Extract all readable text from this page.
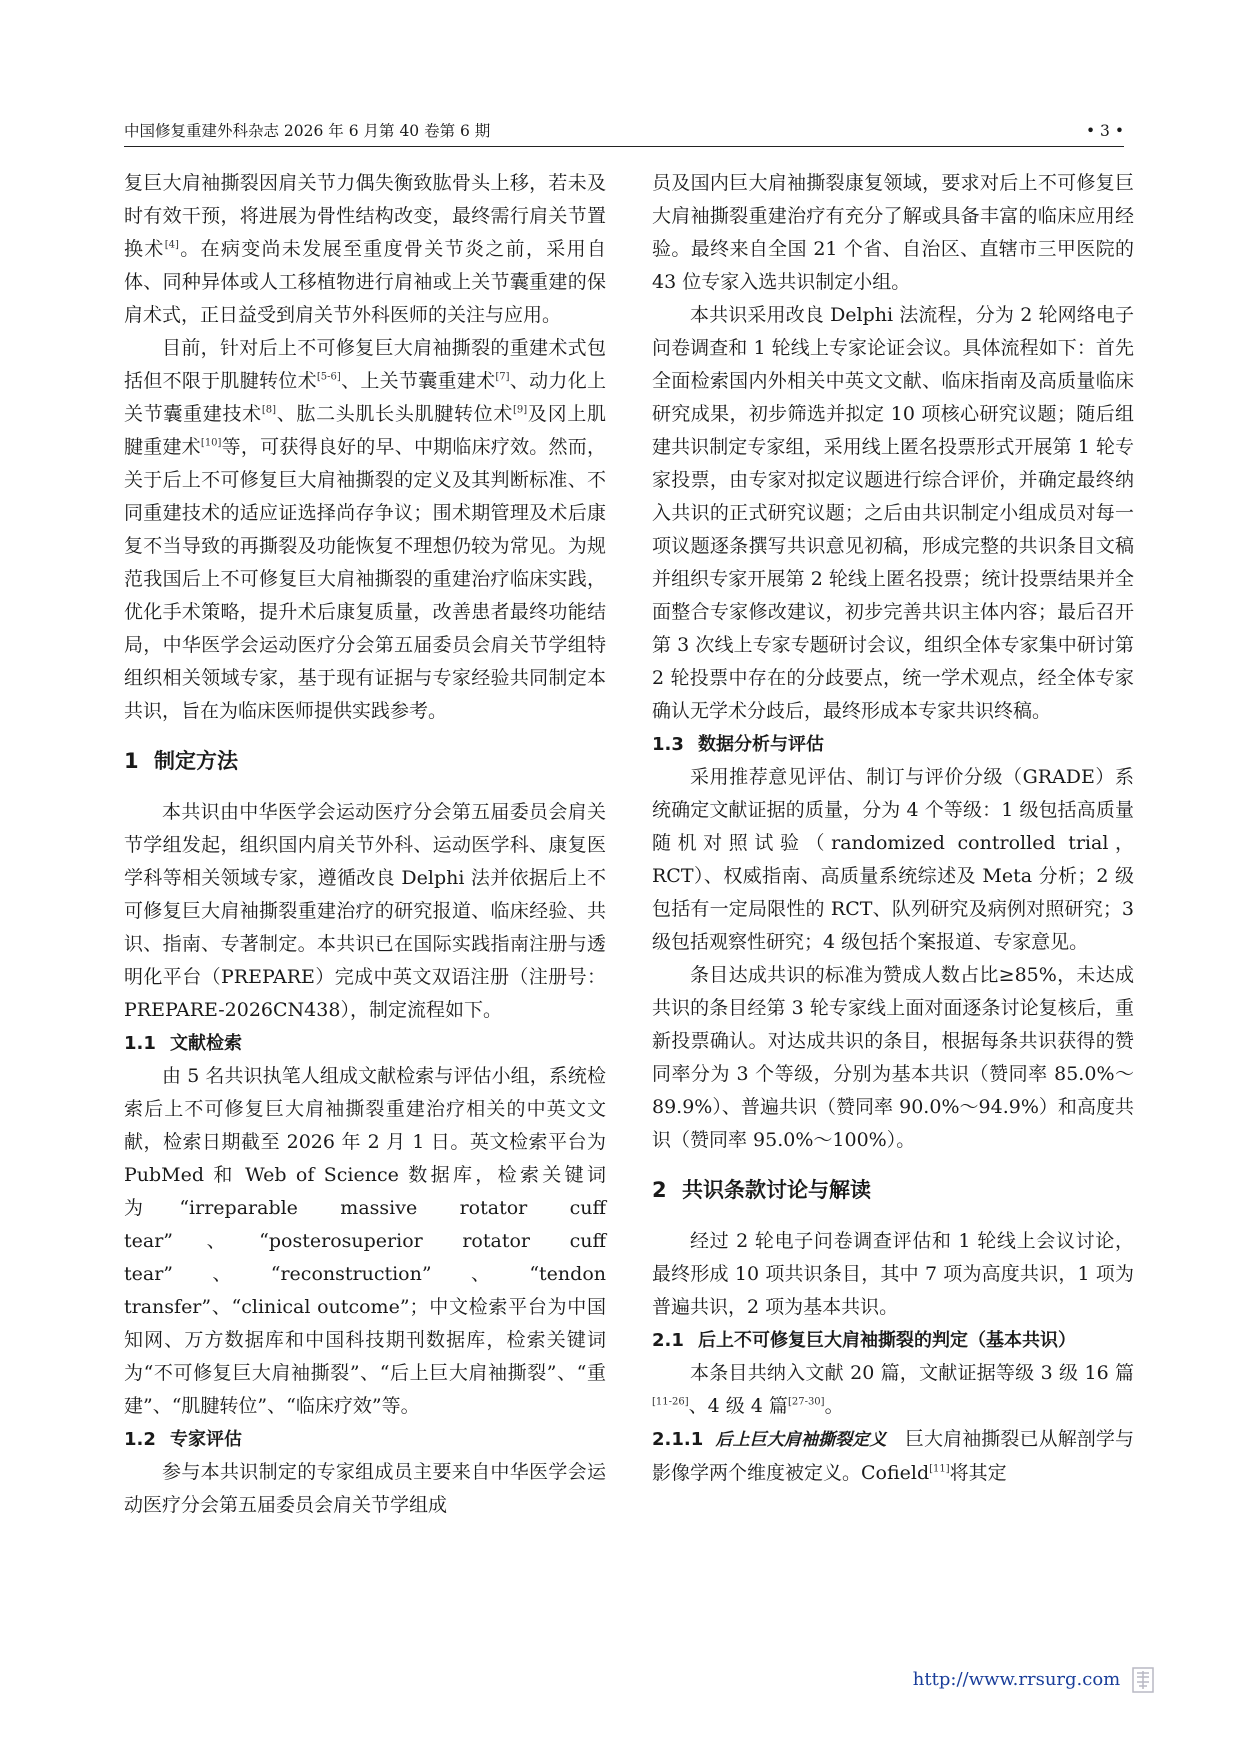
中国修复重建外科杂志 2026 年 6 月第 40 卷第 6 期	• 3 •

复巨大肩袖撕裂因肩关节力偶失衡致肱骨头上移，若未及时有效干预，将进展为骨性结构改变，最终需行肩关节置换术[4]。在病变尚未发展至重度骨关节炎之前，采用自体、同种异体或人工移植物进行肩袖或上关节囊重建的保肩术式，正日益受到肩关节外科医师的关注与应用。

目前，针对后上不可修复巨大肩袖撕裂的重建术式包括但不限于肌腱转位术[5-6]、上关节囊重建术[7]、动力化上关节囊重建技术[8]、肱二头肌长头肌腱转位术[9]及冈上肌腱重建术[10]等，可获得良好的早、中期临床疗效。然而，关于后上不可修复巨大肩袖撕裂的定义及其判断标准、不同重建技术的适应证选择尚存争议；围术期管理及术后康复不当导致的再撕裂及功能恢复不理想仍较为常见。为规范我国后上不可修复巨大肩袖撕裂的重建治疗临床实践，优化手术策略，提升术后康复质量，改善患者最终功能结局，中华医学会运动医疗分会第五届委员会肩关节学组特组织相关领域专家，基于现有证据与专家经验共同制定本共识，旨在为临床医师提供实践参考。

1 制定方法

本共识由中华医学会运动医疗分会第五届委员会肩关节学组发起，组织国内肩关节外科、运动医学科、康复医学科等相关领域专家，遵循改良 Delphi 法并依据后上不可修复巨大肩袖撕裂重建治疗的研究报道、临床经验、共识、指南、专著制定。本共识已在国际实践指南注册与透明化平台（PREPARE）完成中英文双语注册（注册号：PREPARE-2026CN438），制定流程如下。

1.1 文献检索

由 5 名共识执笔人组成文献检索与评估小组，系统检索后上不可修复巨大肩袖撕裂重建治疗相关的中英文文献，检索日期截至 2026 年 2 月 1 日。英文检索平台为 PubMed 和 Web of Science 数据库，检索关键词为“irreparable massive rotator cuff tear”、“posterosuperior rotator cuff tear”、“reconstruction”、“tendon transfer”、“clinical outcome”；中文检索平台为中国知网、万方数据库和中国科技期刊数据库，检索关键词为“不可修复巨大肩袖撕裂”、“后上巨大肩袖撕裂”、“重建”、“肌腱转位”、“临床疗效”等。

1.2 专家评估

参与本共识制定的专家组成员主要来自中华医学会运动医疗分会第五届委员会肩关节学组成

员及国内巨大肩袖撕裂康复领域，要求对后上不可修复巨大肩袖撕裂重建治疗有充分了解或具备丰富的临床应用经验。最终来自全国 21 个省、自治区、直辖市三甲医院的 43 位专家入选共识制定小组。

本共识采用改良 Delphi 法流程，分为 2 轮网络电子问卷调查和 1 轮线上专家论证会议。具体流程如下：首先全面检索国内外相关中英文文献、临床指南及高质量临床研究成果，初步筛选并拟定 10 项核心研究议题；随后组建共识制定专家组，采用线上匿名投票形式开展第 1 轮专家投票，由专家对拟定议题进行综合评价，并确定最终纳入共识的正式研究议题；之后由共识制定小组成员对每一项议题逐条撰写共识意见初稿，形成完整的共识条目文稿并组织专家开展第 2 轮线上匿名投票；统计投票结果并全面整合专家修改建议，初步完善共识主体内容；最后召开第 3 次线上专家专题研讨会议，组织全体专家集中研讨第 2 轮投票中存在的分歧要点，统一学术观点，经全体专家确认无学术分歧后，最终形成本专家共识终稿。

1.3 数据分析与评估

采用推荐意见评估、制订与评价分级（GRADE）系统确定文献证据的质量，分为 4 个等级：1 级包括高质量随机对照试验（randomized controlled trial，RCT）、权威指南、高质量系统综述及 Meta 分析；2 级包括有一定局限性的 RCT、队列研究及病例对照研究；3 级包括观察性研究；4 级包括个案报道、专家意见。

条目达成共识的标准为赞成人数占比≥85%，未达成共识的条目经第 3 轮专家线上面对面逐条讨论复核后，重新投票确认。对达成共识的条目，根据每条共识获得的赞同率分为 3 个等级，分别为基本共识（赞同率 85.0%～89.9%）、普遍共识（赞同率 90.0%～94.9%）和高度共识（赞同率 95.0%～100%）。

2 共识条款讨论与解读

经过 2 轮电子问卷调查评估和 1 轮线上会议讨论，最终形成 10 项共识条目，其中 7 项为高度共识，1 项为普遍共识，2 项为基本共识。

2.1 后上不可修复巨大肩袖撕裂的判定（基本共识）

本条目共纳入文献 20 篇，文献证据等级 3 级 16 篇[11-26]、4 级 4 篇[27-30]。

2.1.1 后上巨大肩袖撕裂定义 巨大肩袖撕裂已从解剖学与影像学两个维度被定义。Cofield[11]将其定

http://www.rrsurg.com
